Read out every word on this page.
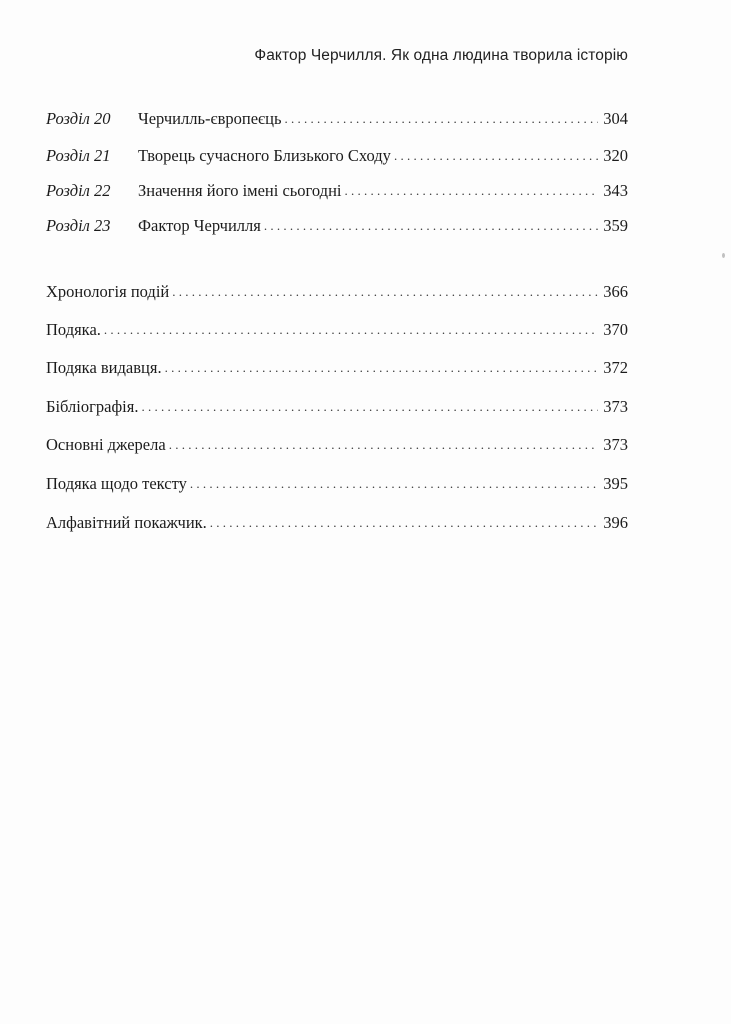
Фактор Черчилля. Як одна людина творила історію
Розділ 20	Черчилль-європеєць . . .	304
Розділ 21	Творець сучасного Близького Сходу . . .	320
Розділ 22	Значення його імені сьогодні . . .	343
Розділ 23	Фактор Черчилля . . .	359
Хронологія подій . . .	366
Подяка. . . .	370
Подяка видавця. . . .	372
Бібліографія. . . .	373
Основні джерела . . .	373
Подяка щодо тексту . . .	395
Алфавітний покажчик. . . .	396
